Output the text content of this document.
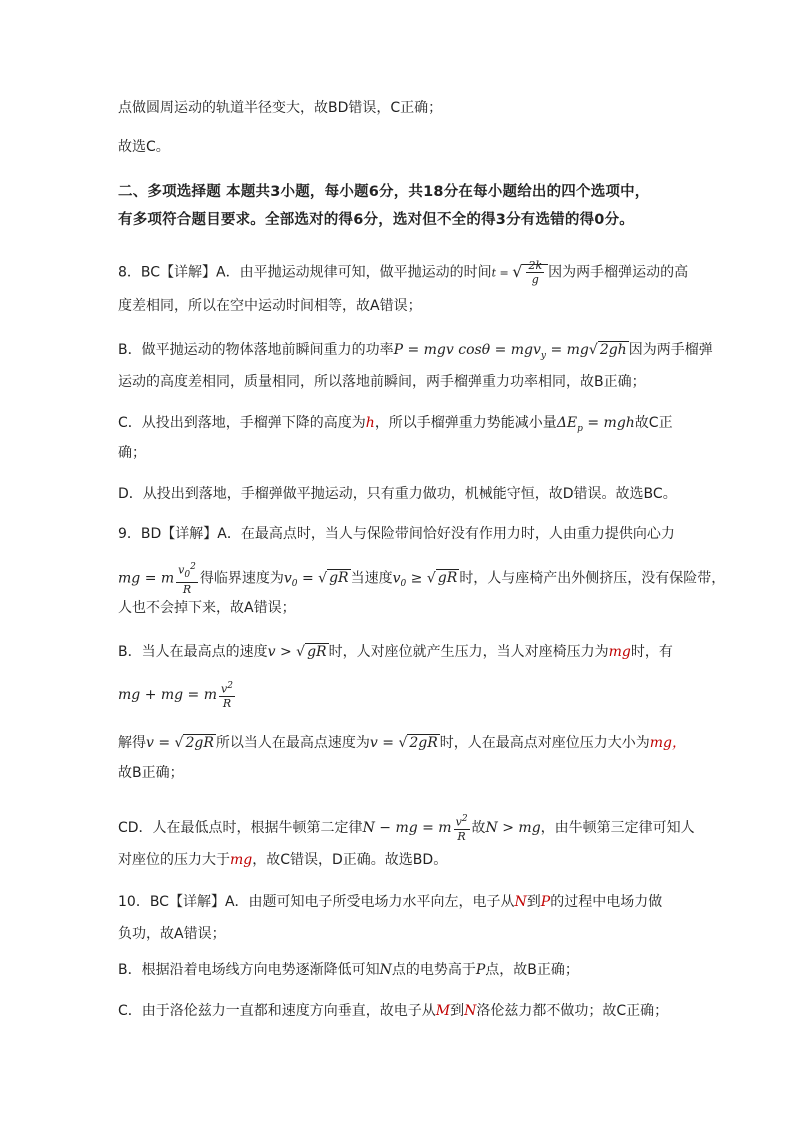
点做圆周运动的轨道半径变大，故BD错误，C正确；
故选C。
二、多项选择题 本题共3小题，每小题6分，共18分在每小题给出的四个选项中，
有多项符合题目要求。全部选对的得6分，选对但不全的得3分有选错的得0分。
8．BC【详解】A．由平抛运动规律可知，做平抛运动的时间t = √ $\frac{2k}{g}$ 因为两手榴弹运动的高
度差相同，所以在空中运动时间相等，故A错误；
B．做平抛运动的物体落地前瞬间重力的功率P = mgv cosθ = mgv$_y$ = mg√ 2gh 因为两手榴弹
运动的高度差相同，质量相同，所以落地前瞬间，两手榴弹重力功率相同，故B正确；
C．从投出到落地，手榴弹下降的高度为h，所以手榴弹重力势能减小量$\Delta E_p$ = mgh故C正
确；
D．从投出到落地，手榴弹做平抛运动，只有重力做功，机械能守恒，故D错误。故选BC。
9．BD【详解】A．在最高点时，当人与保险带间恰好没有作用力时，人由重力提供向心力
mg = m $\frac{v_0^2}{R}$ 得临界速度为$v_0$ = √ gR 当速度$v_0$ ≥ √ gR 时，人与座椅产出外侧挤压，没有保险带，
人也不会掉下来，故A错误；
B．当人在最高点的速度v > √ gR 时，人对座位就产生压力，当人对座椅压力为mg时，有
mg + mg = m $\frac{v^2}{R}$
解得v = √ 2gR 所以当人在最高点速度为v = √ 2gR 时，人在最高点对座位压力大小为mg，
故B正确；
CD．人在最低点时，根据牛顿第二定律N − mg = m $\frac{v^2}{R}$ 故N > mg，由牛顿第三定律可知人
对座位的压力大于mg，故C错误，D正确。故选BD。
10．BC【详解】A．由题可知电子所受电场力水平向左，电子从N到P的过程中电场力做
负功，故A错误；
B．根据沿着电场线方向电势逐渐降低可知N点的电势高于P点，故B正确；
C．由于洛伦兹力一直都和速度方向垂直，故电子从M到N洛伦兹力都不做功；故C正确；
